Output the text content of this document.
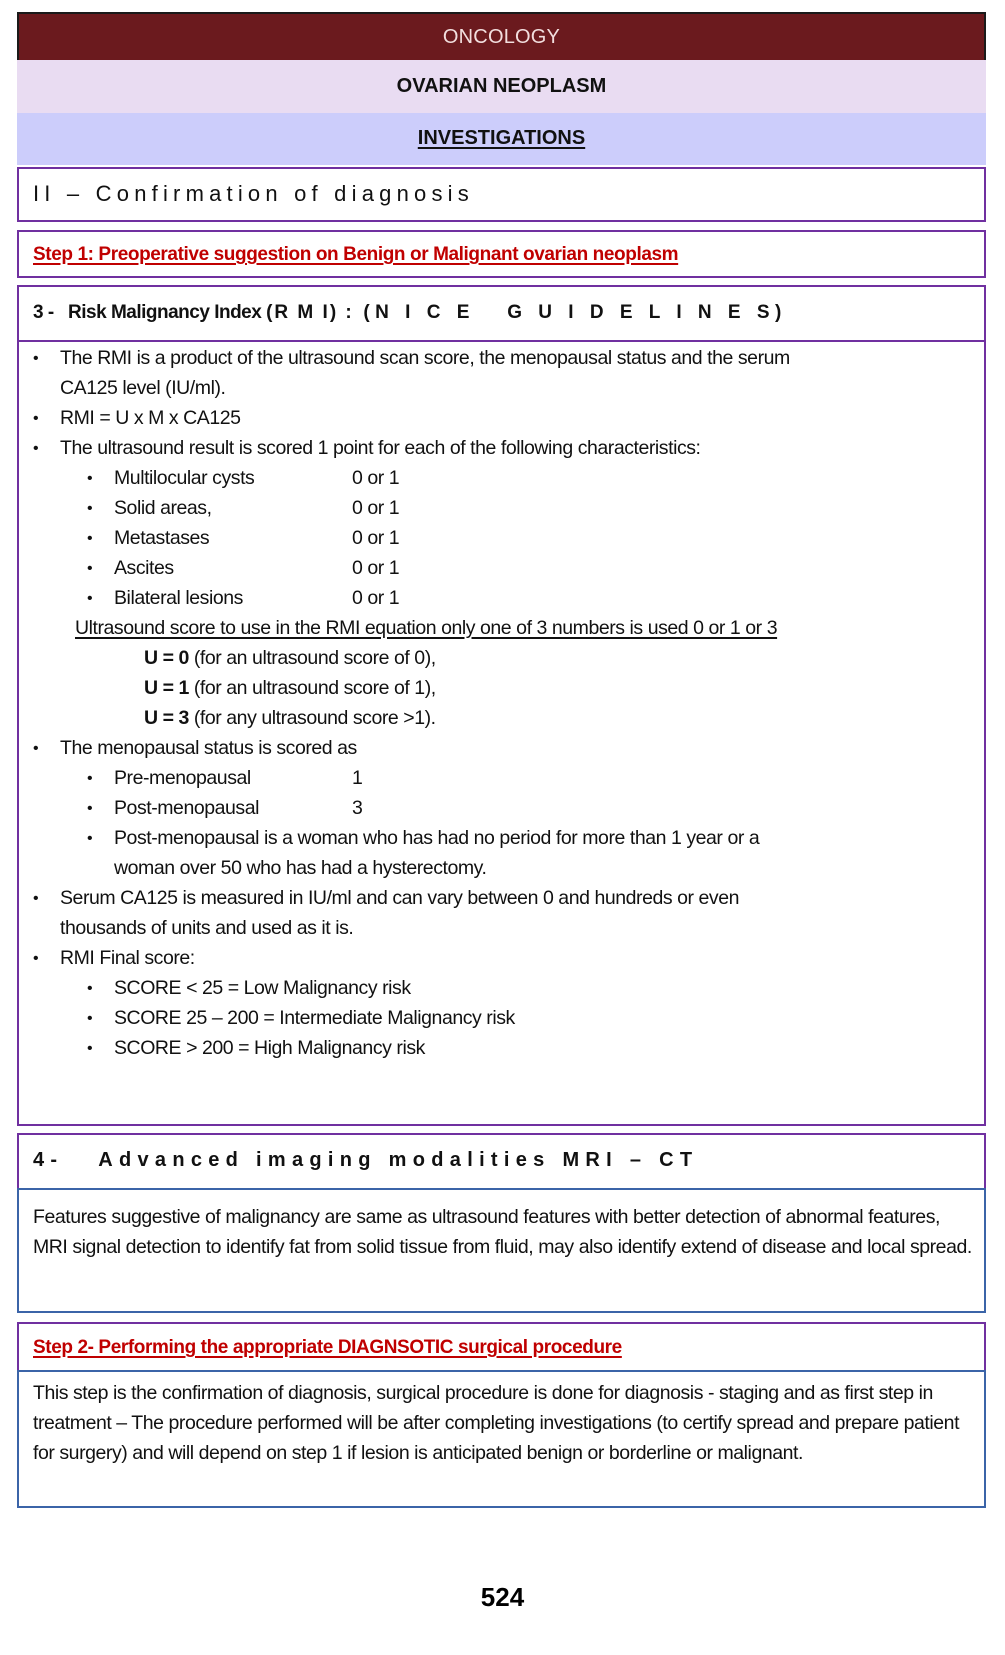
ONCOLOGY
OVARIAN NEOPLASM
INVESTIGATIONS
II – Confirmation of diagnosis
Step 1: Preoperative suggestion on Benign or Malignant ovarian neoplasm
3 - Risk Malignancy Index (R M I) : (N I C E   G U I D E L I N E S)
• The RMI is a product of the ultrasound scan score, the menopausal status and the serum
CA125 level (IU/ml).
• RMI = U x M x CA125
• The ultrasound result is scored 1 point for each of the following characteristics:
• Multilocular cysts	0 or 1
• Solid areas,	0 or 1
• Metastases	0 or 1
• Ascites	0 or 1
• Bilateral lesions	0 or 1
Ultrasound score to use in the RMI equation only one of 3 numbers is used 0 or 1 or 3
U = 0 (for an ultrasound score of 0),
U = 1 (for an ultrasound score of 1),
U = 3 (for any ultrasound score >1).
• The menopausal status is scored as
• Pre-menopausal	1
• Post-menopausal	3
• Post-menopausal is a woman who has had no period for more than 1 year or a
woman over 50 who has had a hysterectomy.
• Serum CA125 is measured in IU/ml and can vary between 0 and hundreds or even
thousands of units and used as it is.
• RMI Final score:
• SCORE < 25 = Low Malignancy risk
• SCORE 25 – 200 = Intermediate Malignancy risk
• SCORE > 200 = High Malignancy risk
4-   Advanced imaging modalities MRI – CT
Features suggestive of malignancy are same as ultrasound features with better detection of abnormal features, MRI signal detection to identify fat from solid tissue from fluid, may also identify extend of disease and local spread.
Step 2- Performing the appropriate DIAGNSOTIC surgical procedure
This step is the confirmation of diagnosis, surgical procedure is done for diagnosis - staging and as first step in treatment – The procedure performed will be after completing investigations (to certify spread and prepare patient for surgery) and will depend on step 1 if lesion is anticipated benign or borderline or malignant.
524
